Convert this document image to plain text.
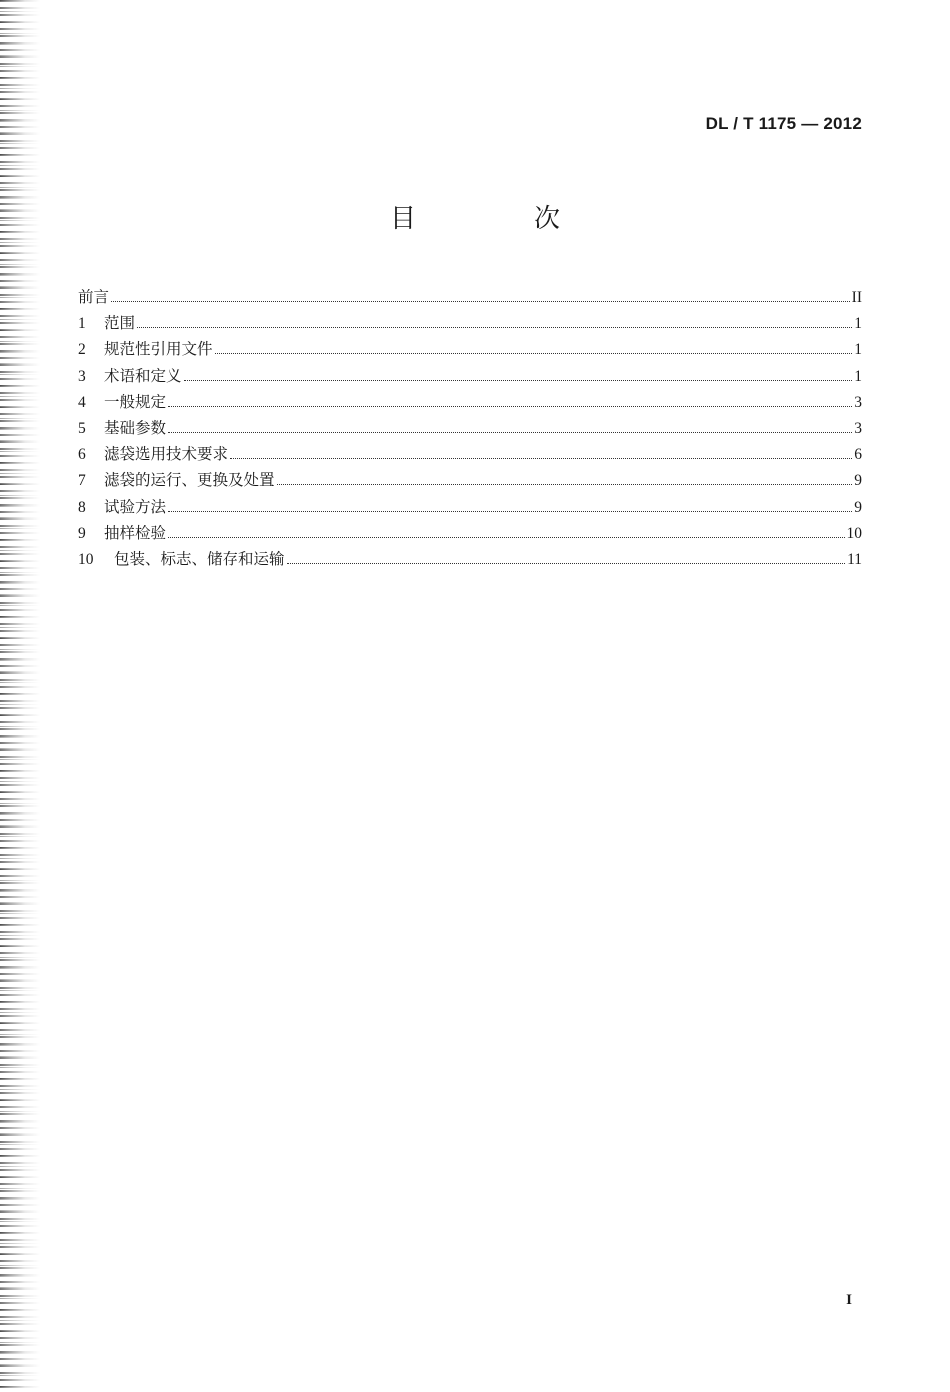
DL / T 1175 — 2012
目　次
前言	II
1	范围	1
2	规范性引用文件	1
3	术语和定义	1
4	一般规定	3
5	基础参数	3
6	滤袋选用技术要求	6
7	滤袋的运行、更换及处置	9
8	试验方法	9
9	抽样检验	10
10	包装、标志、储存和运输	11
I
